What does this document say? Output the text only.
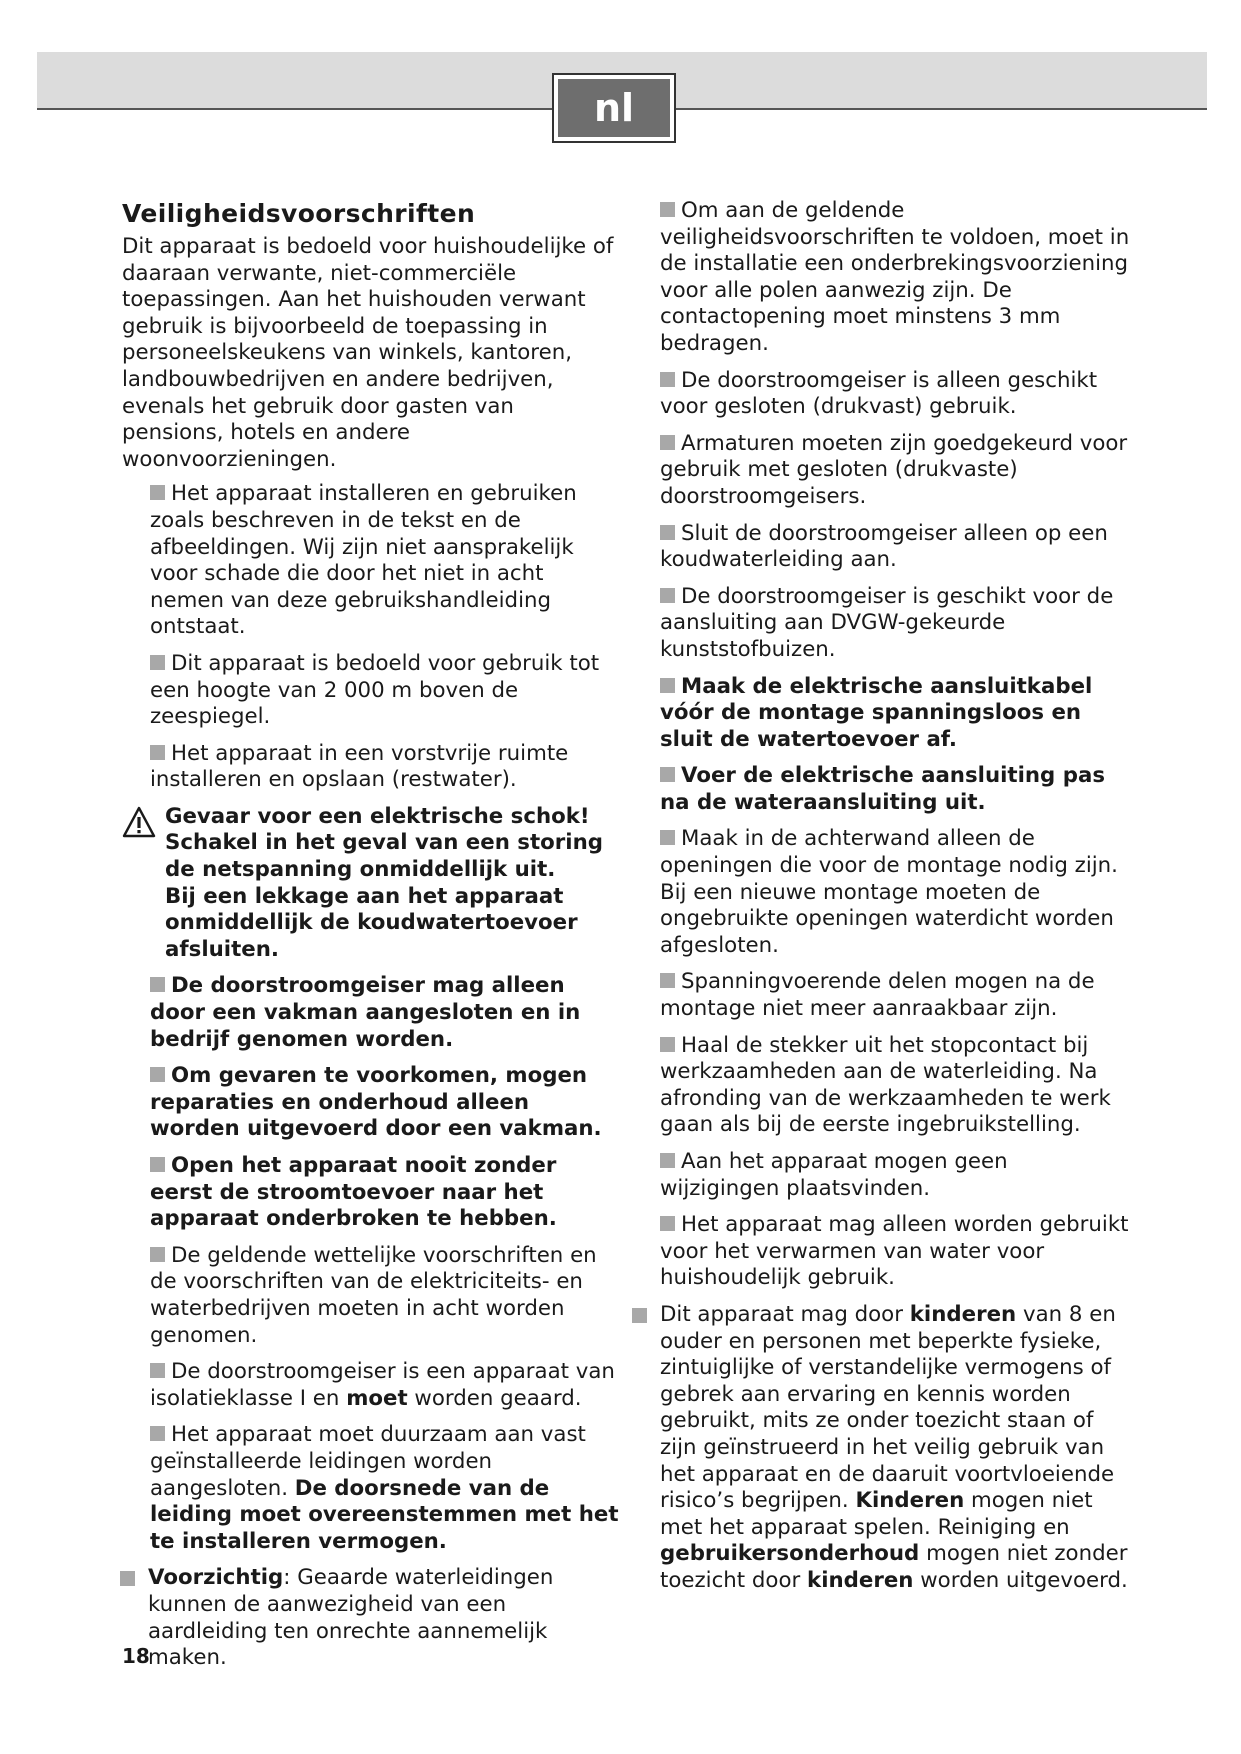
nl
Veiligheidsvoorschriften

Dit apparaat is bedoeld voor huishoudelijke of daaraan verwante, niet-commerciële toepassingen. Aan het huishouden verwant gebruik is bijvoorbeeld de toepassing in personeelskeukens van winkels, kantoren, landbouwbedrijven en andere bedrijven, evenals het gebruik door gasten van pensions, hotels en andere woonvoorzieningen.

Het apparaat installeren en gebruiken zoals beschreven in de tekst en de afbeeldingen. Wij zijn niet aansprakelijk voor schade die door het niet in acht nemen van deze gebruikshandleiding ontstaat.
Dit apparaat is bedoeld voor gebruik tot een hoogte van 2 000 m boven de zeespiegel.
Het apparaat in een vorstvrije ruimte installeren en opslaan (restwater).
Gevaar voor een elektrische schok!
Schakel in het geval van een storing de netspanning onmiddellijk uit.
Bij een lekkage aan het apparaat onmiddellijk de koudwatertoevoer afsluiten.
De doorstroomgeiser mag alleen door een vakman aangesloten en in bedrijf genomen worden.
Om gevaren te voorkomen, mogen reparaties en onderhoud alleen worden uitgevoerd door een vakman.
Open het apparaat nooit zonder eerst de stroomtoevoer naar het apparaat onderbroken te hebben.
De geldende wettelijke voorschriften en de voorschriften van de elektriciteits- en waterbedrijven moeten in acht worden genomen.
De doorstroomgeiser is een apparaat van isolatieklasse I en moet worden geaard.
Het apparaat moet duurzaam aan vast geïnstalleerde leidingen worden aangesloten. De doorsnede van de leiding moet overeenstemmen met het te installeren vermogen.
Voorzichtig: Geaarde waterleidingen kunnen de aanwezigheid van een aardleiding ten onrechte aannemelijk maken.
Om aan de geldende veiligheidsvoorschriften te voldoen, moet in de installatie een onderbrekingsvoorziening voor alle polen aanwezig zijn. De contactopening moet minstens 3 mm bedragen.
De doorstroomgeiser is alleen geschikt voor gesloten (drukvast) gebruik.
Armaturen moeten zijn goedgekeurd voor gebruik met gesloten (drukvaste) doorstroomgeisers.
Sluit de doorstroomgeiser alleen op een koudwaterleiding aan.
De doorstroomgeiser is geschikt voor de aansluiting aan DVGW-gekeurde kunststofbuizen.
Maak de elektrische aansluitkabel vóór de montage spanningsloos en sluit de watertoevoer af.
Voer de elektrische aansluiting pas na de wateraansluiting uit.
Maak in de achterwand alleen de openingen die voor de montage nodig zijn. Bij een nieuwe montage moeten de ongebruikte openingen waterdicht worden afgesloten.
Spanningvoerende delen mogen na de montage niet meer aanraakbaar zijn.
Haal de stekker uit het stopcontact bij werkzaamheden aan de waterleiding. Na afronding van de werkzaamheden te werk gaan als bij de eerste ingebruikstelling.
Aan het apparaat mogen geen wijzigingen plaatsvinden.
Het apparaat mag alleen worden gebruikt voor het verwarmen van water voor huishoudelijk gebruik.
Dit apparaat mag door kinderen van 8 en ouder en personen met beperkte fysieke, zintuiglijke of verstandelijke vermogens of gebrek aan ervaring en kennis worden gebruikt, mits ze onder toezicht staan of zijn geïnstrueerd in het veilig gebruik van het apparaat en de daaruit voortvloeiende risico’s begrijpen. Kinderen mogen niet met het apparaat spelen. Reiniging en gebruikersonderhoud mogen niet zonder toezicht door kinderen worden uitgevoerd.
18
